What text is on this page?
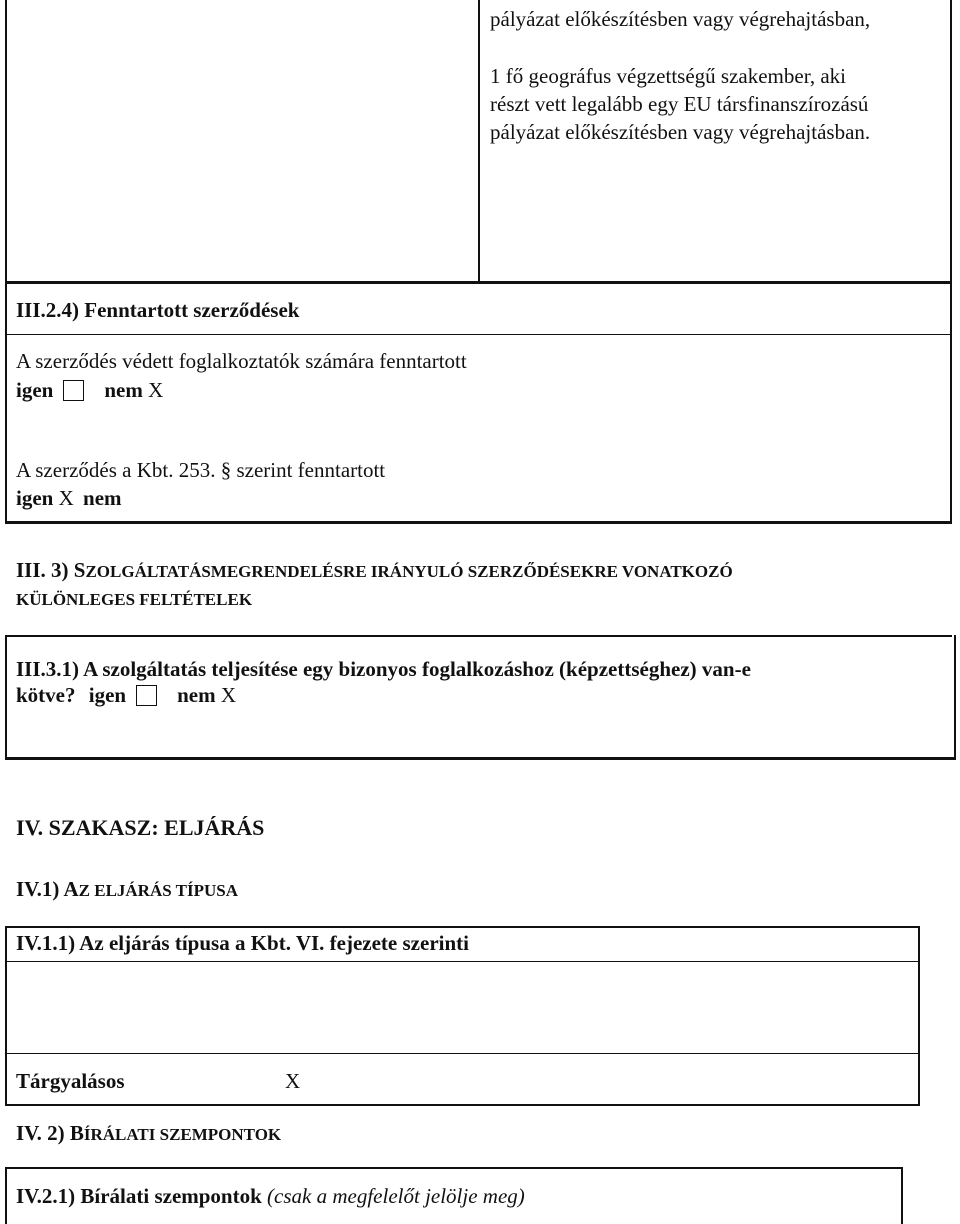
pályázat előkészítésben vagy végrehajtásban,
1 fő geográfus végzettségű szakember, aki
részt vett legalább egy EU társfinanszírozású
pályázat előkészítésben vagy végrehajtásban.
III.2.4) Fenntartott szerződések
A szerződés védett foglalkoztatók számára fenntartott
igen nem X
A szerződés a Kbt. 253. § szerint fenntartott
igen X nem
III. 3) SZOLGÁLTATÁSMEGRENDELÉSRE IRÁNYULÓ SZERZŐDÉSEKRE VONATKOZÓ
KÜLÖNLEGES FELTÉTELEK
III.3.1) A szolgáltatás teljesítése egy bizonyos foglalkozáshoz (képzettséghez) van-e
kötve? igen nem X
IV. SZAKASZ: ELJÁRÁS
IV.1) AZ ELJÁRÁS TÍPUSA
IV.1.1) Az eljárás típusa a Kbt. VI. fejezete szerinti
Tárgyalásos	X
IV. 2) BÍRÁLATI SZEMPONTOK
IV.2.1) Bírálati szempontok (csak a megfelelőt jelölje meg)
